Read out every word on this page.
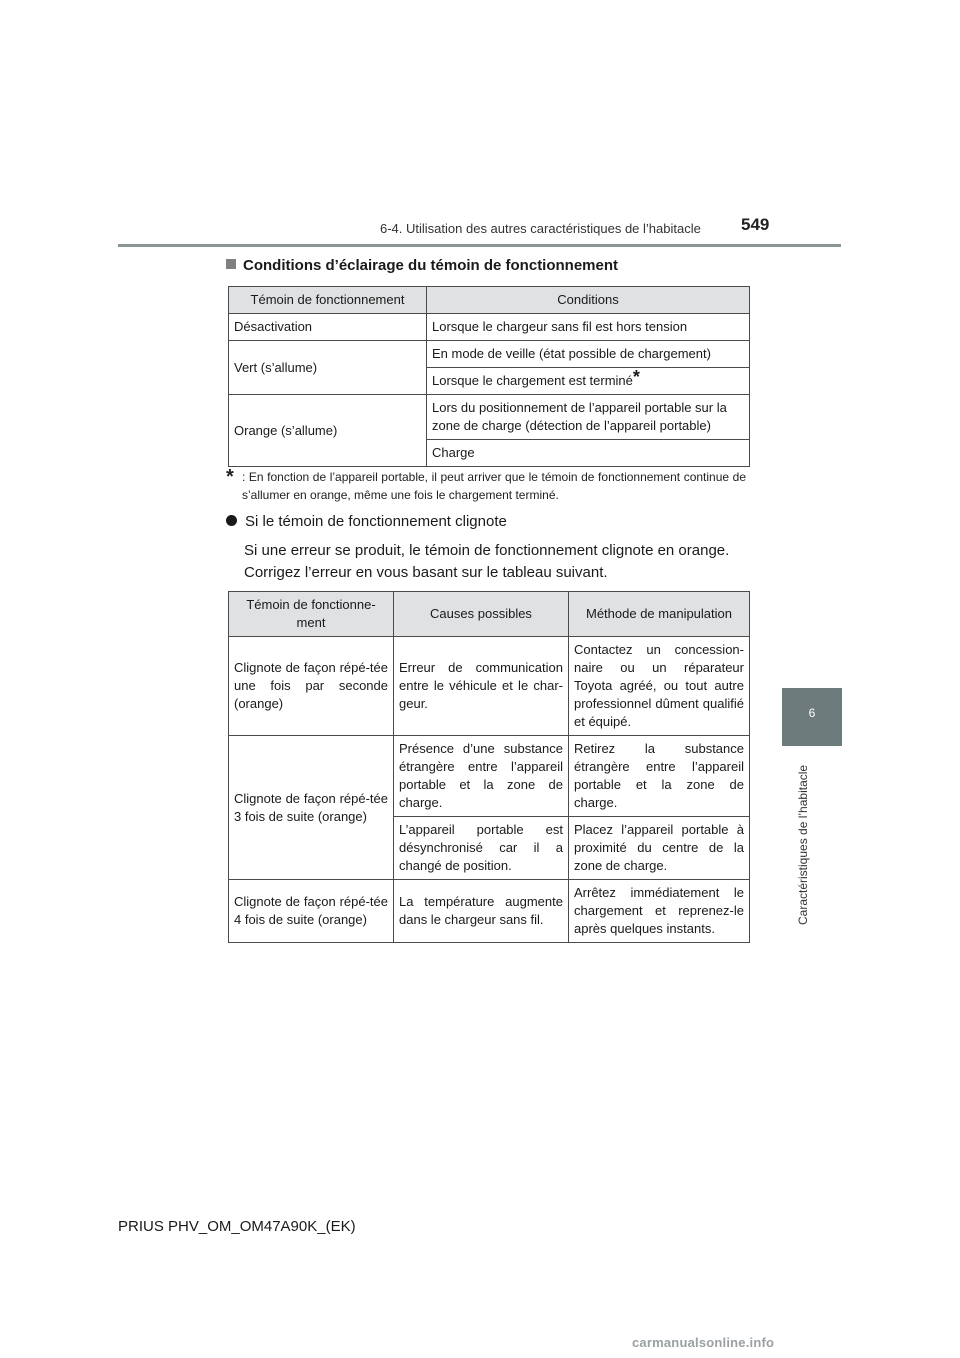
6-4. Utilisation des autres caractéristiques de l’habitacle 549
6
Caractéristiques de l’habitacle
Conditions d’éclairage du témoin de fonctionnement
Témoin de fonctionnement	Conditions
Désactivation	Lorsque le chargeur sans fil est hors tension
Vert (s’allume)	En mode de veille (état possible de chargement)
	Lorsque le chargement est terminé*
Orange (s’allume)	Lors du positionnement de l’appareil portable sur la zone de charge (détection de l’appareil portable)
	Charge
* : En fonction de l’appareil portable, il peut arriver que le témoin de fonctionnement continue de s’allumer en orange, même une fois le chargement terminé.
Si le témoin de fonctionnement clignote
Si une erreur se produit, le témoin de fonctionnement clignote en orange.
Corrigez l’erreur en vous basant sur le tableau suivant.
Témoin de fonctionne-ment	Causes possibles	Méthode de manipulation
Clignote de façon répé-tée une fois par seconde (orange)	Erreur de communication entre le véhicule et le char-geur.	Contactez un concession-naire ou un réparateur Toyota agréé, ou tout autre professionnel dûment qualifié et équipé.
Clignote de façon répé-tée 3 fois de suite (orange)	Présence d’une substance étrangère entre l’appareil portable et la zone de charge.	Retirez la substance étrangère entre l’appareil portable et la zone de charge.
	L’appareil portable est désynchronisé car il a changé de position.	Placez l’appareil portable à proximité du centre de la zone de charge.
Clignote de façon répé-tée 4 fois de suite (orange)	La température augmente dans le chargeur sans fil.	Arrêtez immédiatement le chargement et reprenez-le après quelques instants.
PRIUS PHV_OM_OM47A90K_(EK)
carmanualsonline.info
